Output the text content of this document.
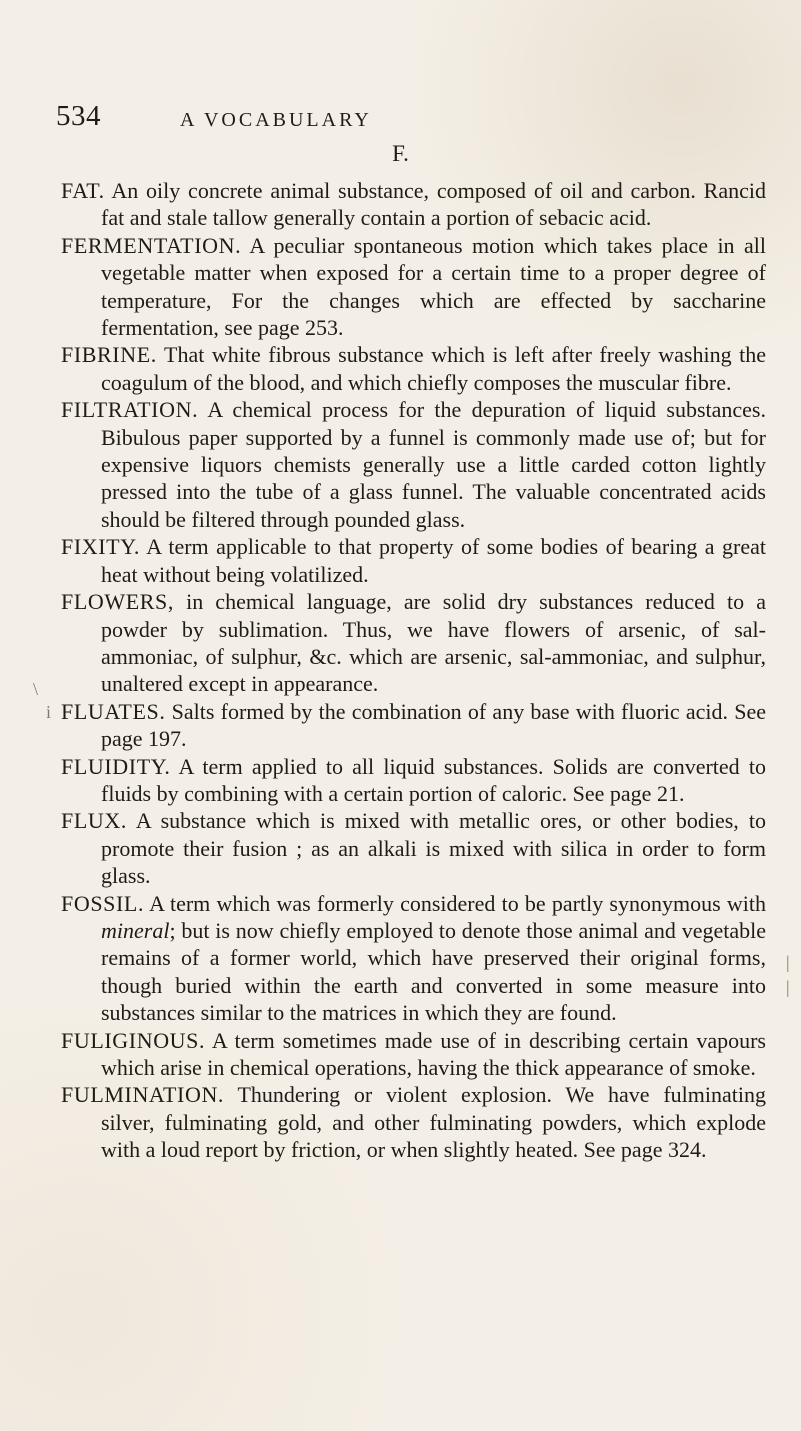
534	A VOCABULARY
F.

FAT. An oily concrete animal substance, composed of oil and carbon. Rancid fat and stale tallow generally contain a portion of sebacic acid.

FERMENTATION. A peculiar spontaneous motion which takes place in all vegetable matter when exposed for a certain time to a proper degree of temperature, For the changes which are effected by saccharine fermentation, see page 253.

FIBRINE. That white fibrous substance which is left after freely washing the coagulum of the blood, and which chiefly composes the muscular fibre.

FILTRATION. A chemical process for the depuration of liquid substances. Bibulous paper supported by a funnel is commonly made use of; but for expensive liquors chemists generally use a little carded cotton lightly pressed into the tube of a glass funnel. The valuable concentrated acids should be filtered through pounded glass.

FIXITY. A term applicable to that property of some bodies of bearing a great heat without being volatilized.

FLOWERS, in chemical language, are solid dry substances reduced to a powder by sublimation. Thus, we have flowers of arsenic, of sal-ammoniac, of sulphur, &c. which are arsenic, sal-ammoniac, and sulphur, unaltered except in appearance.

FLUATES. Salts formed by the combination of any base with fluoric acid. See page 197.

FLUIDITY. A term applied to all liquid substances. Solids are converted to fluids by combining with a certain portion of caloric. See page 21.

FLUX. A substance which is mixed with metallic ores, or other bodies, to promote their fusion ; as an alkali is mixed with silica in order to form glass.

FOSSIL. A term which was formerly considered to be partly synonymous with mineral; but is now chiefly employed to denote those animal and vegetable remains of a former world, which have preserved their original forms, though buried within the earth and converted in some measure into substances similar to the matrices in which they are found.

FULIGINOUS. A term sometimes made use of in describing certain vapours which arise in chemical operations, having the thick appearance of smoke.

FULMINATION. Thundering or violent explosion. We have fulminating silver, fulminating gold, and other fulminating powders, which explode with a loud report by friction, or when slightly heated. See page 324.

\
i
|
|
